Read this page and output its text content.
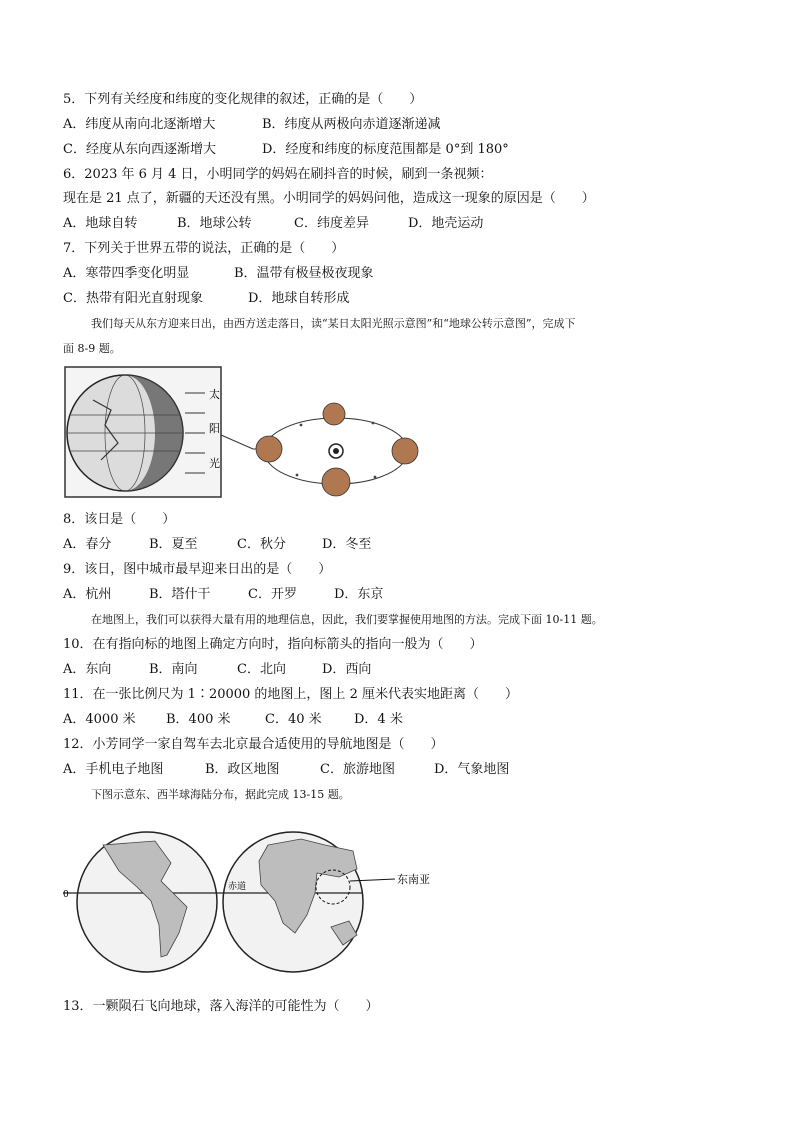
5．下列有关经度和纬度的变化规律的叙述，正确的是（　　）
A．纬度从南向北逐渐增大	B．纬度从两极向赤道逐渐递减
C．经度从东向西逐渐增大	D．经度和纬度的标度范围都是 0°到 180°
6．2023 年 6 月 4 日，小明同学的妈妈在刷抖音的时候，刷到一条视频：
现在是 21 点了，新疆的天还没有黑。小明同学的妈妈问他，造成这一现象的原因是（　　）
A．地球自转	B．地球公转	C．纬度差异	D．地壳运动
7．下列关于世界五带的说法，正确的是（　　）
A．寒带四季变化明显	B．温带有极昼极夜现象
C．热带有阳光直射现象	D．地球自转形成
我们每天从东方迎来日出，由西方送走落日，读“某日太阳光照示意图”和“地球公转示意图”，完成下
面 8-9 题。
太
阳
光
8．该日是（　　）
A．春分	B．夏至	C．秋分	D．冬至
9．该日，图中城市最早迎来日出的是（　　）
A．杭州	B．塔什干	C．开罗	D．东京
在地图上，我们可以获得大量有用的地理信息，因此，我们要掌握使用地图的方法。完成下面 10-11 题。
10．在有指向标的地图上确定方向时，指向标箭头的指向一般为（　　）
A．东向	B．南向	C．北向	D．西向
11．在一张比例尺为 1∶20000 的地图上，图上 2 厘米代表实地距离（　　）
A．4000 米 B．400 米	C．40 米 D．4 米
12．小芳同学一家自驾车去北京最合适使用的导航地图是（　　）
A．手机电子地图	B．政区地图	C．旅游地图	D．气象地图
下图示意东、西半球海陆分布，据此完成 13-15 题。
0
赤道
东南亚
13．一颗陨石飞向地球，落入海洋的可能性为（　　）
